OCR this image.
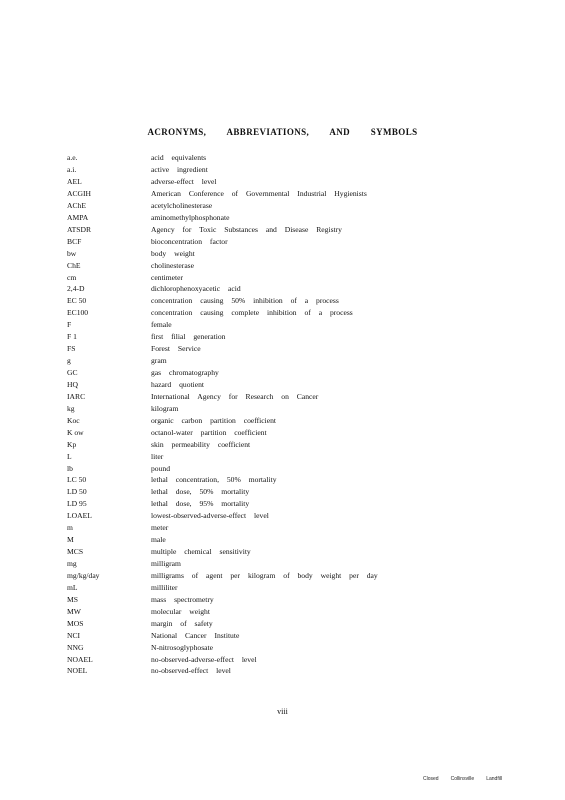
ACRONYMS, ABBREVIATIONS, AND SYMBOLS
a.e.	acid equivalents
a.i.	active ingredient
AEL	adverse-effect level
ACGIH	American Conference of Governmental Industrial Hygienists
AChE	acetylcholinesterase
AMPA	aminomethylphosphonate
ATSDR	Agency for Toxic Substances and Disease Registry
BCF	bioconcentration factor
bw	body weight
ChE	cholinesterase
cm	centimeter
2,4-D	dichlorophenoxyacetic acid
EC 50	concentration causing 50% inhibition of a process
EC100	concentration causing complete inhibition of a process
F	female
F 1	first filial generation
FS	Forest Service
g	gram
GC	gas chromatography
HQ	hazard quotient
IARC	International Agency for Research on Cancer
kg	kilogram
Koc	organic carbon partition coefficient
K ow	octanol-water partition coefficient
Kp	skin permeability coefficient
L	liter
lb	pound
LC 50	lethal concentration, 50% mortality
LD 50	lethal dose, 50% mortality
LD 95	lethal dose, 95% mortality
LOAEL	lowest-observed-adverse-effect level
m	meter
M	male
MCS	multiple chemical sensitivity
mg	milligram
mg/kg/day	milligrams of agent per kilogram of body weight per day
mL	milliliter
MS	mass spectrometry
MW	molecular weight
MOS	margin of safety
NCI	National Cancer Institute
NNG	N-nitrosoglyphosate
NOAEL	no-observed-adverse-effect level
NOEL	no-observed-effect level
viii
Closed Collinsville Landfill
